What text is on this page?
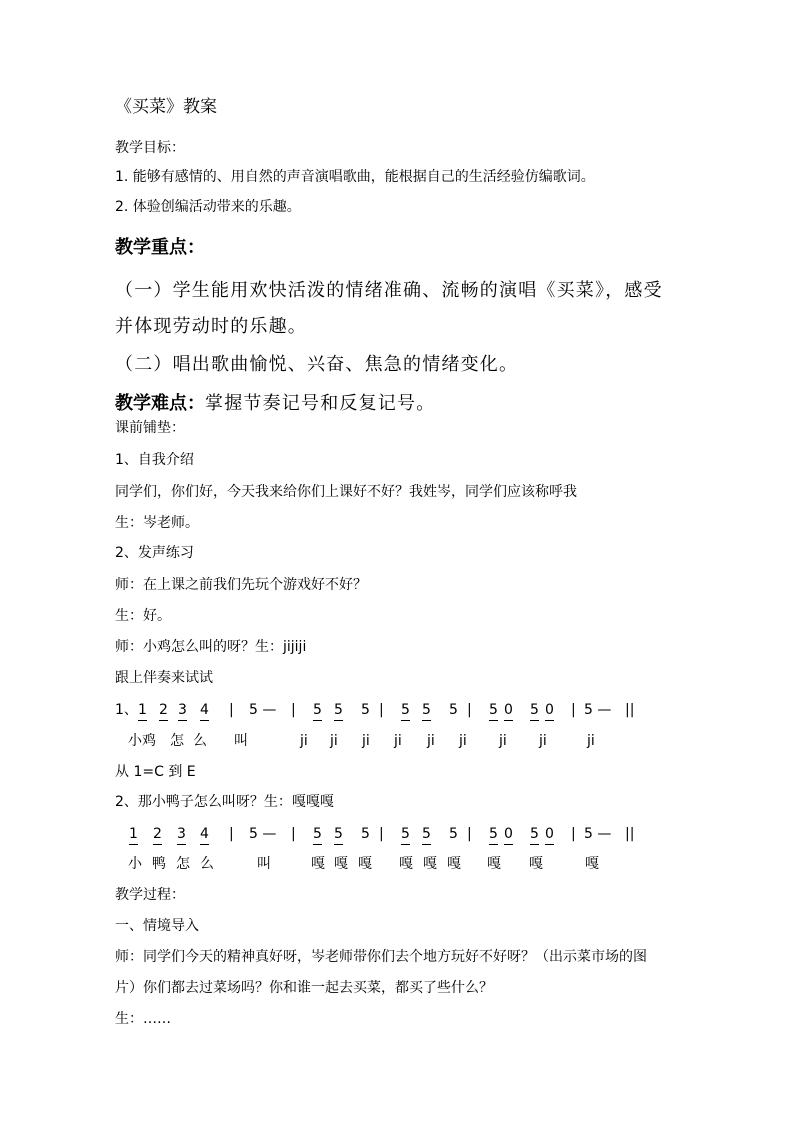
《买菜》教案
教学目标：
1. 能够有感情的、用自然的声音演唱歌曲，能根据自己的生活经验仿编歌词。
2. 体验创编活动带来的乐趣。
教学重点：
（一）学生能用欢快活泼的情绪准确、流畅的演唱《买菜》，感受
并体现劳动时的乐趣。
（二）唱出歌曲愉悦、兴奋、焦急的情绪变化。
教学难点：掌握节奏记号和反复记号。
课前铺垫：
1、自我介绍
同学们，你们好，今天我来给你们上课好不好？我姓岑，同学们应该称呼我
生：岑老师。
2、发声练习
师：在上课之前我们先玩个游戏好不好？
生：好。
师：小鸡怎么叫的呀？生：jijiji
跟上伴奏来试试
1、 1 2 3 4 | 5 — | 5 5 5 | 5 5 5 | 5 0 5 0 | 5 — ||
小鸡 怎 么 叫	ji ji ji ji ji ji ji ji	ji
从 1=C 到 E
2、那小鸭子怎么叫呀？生：嘎嘎嘎
1 2 3 4 | 5 — | 5 5 5 | 5 5 5 | 5 0 5 0 | 5 — ||
小 鸭 怎 么	叫	嘎 嘎 嘎 嘎 嘎 嘎 嘎 嘎	嘎
教学过程：
一、情境导入
师：同学们今天的精神真好呀，岑老师带你们去个地方玩好不好呀？（出示菜市场的图
片）你们都去过菜场吗？你和谁一起去买菜，都买了些什么？
生：……
